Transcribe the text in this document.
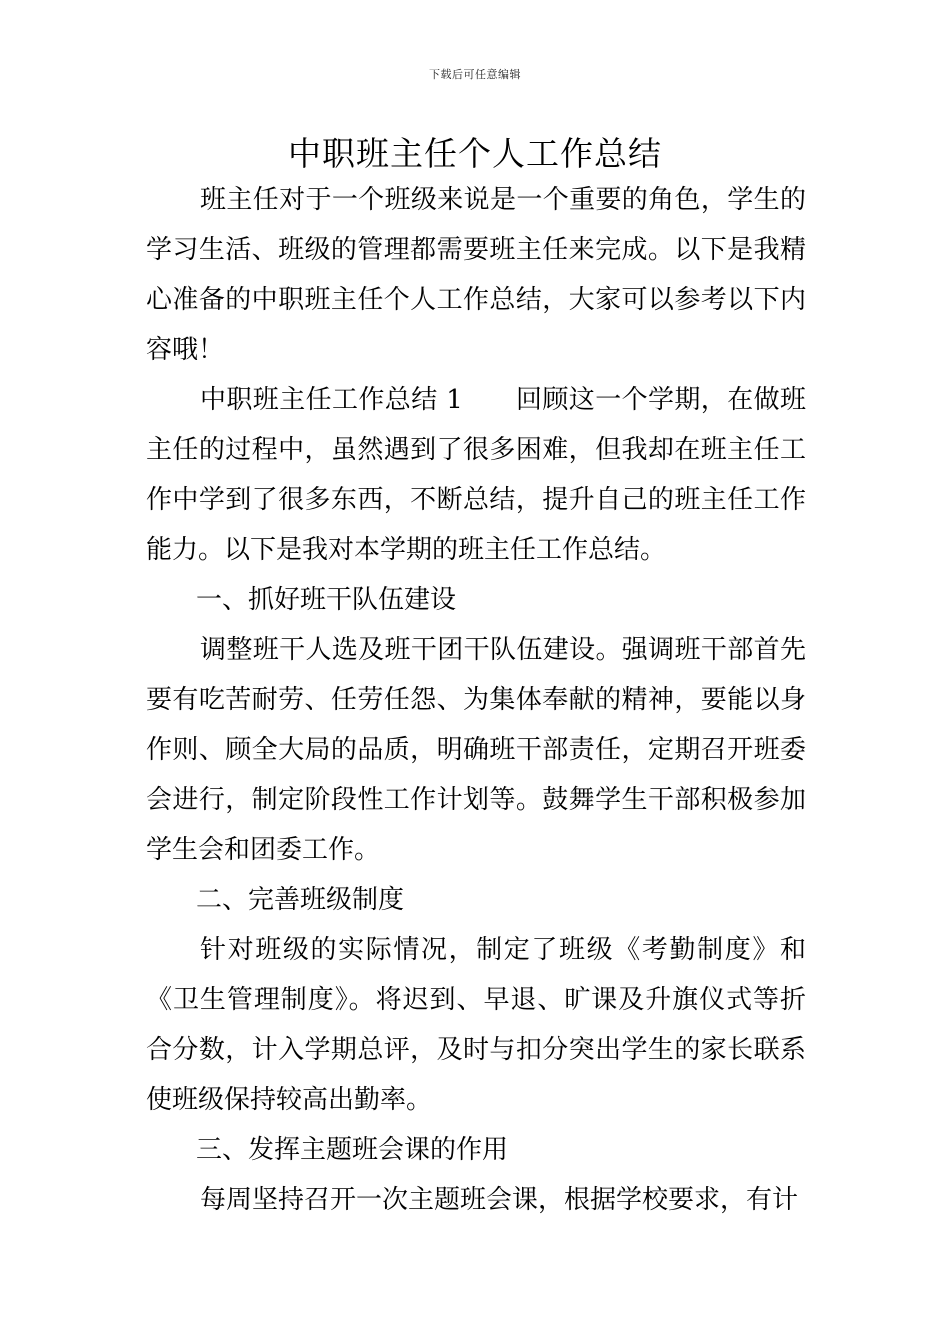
下载后可任意编辑
中职班主任个人工作总结

班主任对于一个班级来说是一个重要的角色，学生的学习生活、班级的管理都需要班主任来完成。以下是我精心准备的中职班主任个人工作总结，大家可以参考以下内容哦！

中职班主任工作总结 1　　回顾这一个学期，在做班主任的过程中，虽然遇到了很多困难，但我却在班主任工作中学到了很多东西，不断总结，提升自己的班主任工作能力。以下是我对本学期的班主任工作总结。

一、抓好班干队伍建设

调整班干人选及班干团干队伍建设。强调班干部首先要有吃苦耐劳、任劳任怨、为集体奉献的精神，要能以身作则、顾全大局的品质，明确班干部责任，定期召开班委会进行，制定阶段性工作计划等。鼓舞学生干部积极参加学生会和团委工作。

二、完善班级制度

针对班级的实际情况，制定了班级《考勤制度》和《卫生管理制度》。将迟到、早退、旷课及升旗仪式等折合分数，计入学期总评，及时与扣分突出学生的家长联系使班级保持较高出勤率。

三、发挥主题班会课的作用

每周坚持召开一次主题班会课，根据学校要求，有计
